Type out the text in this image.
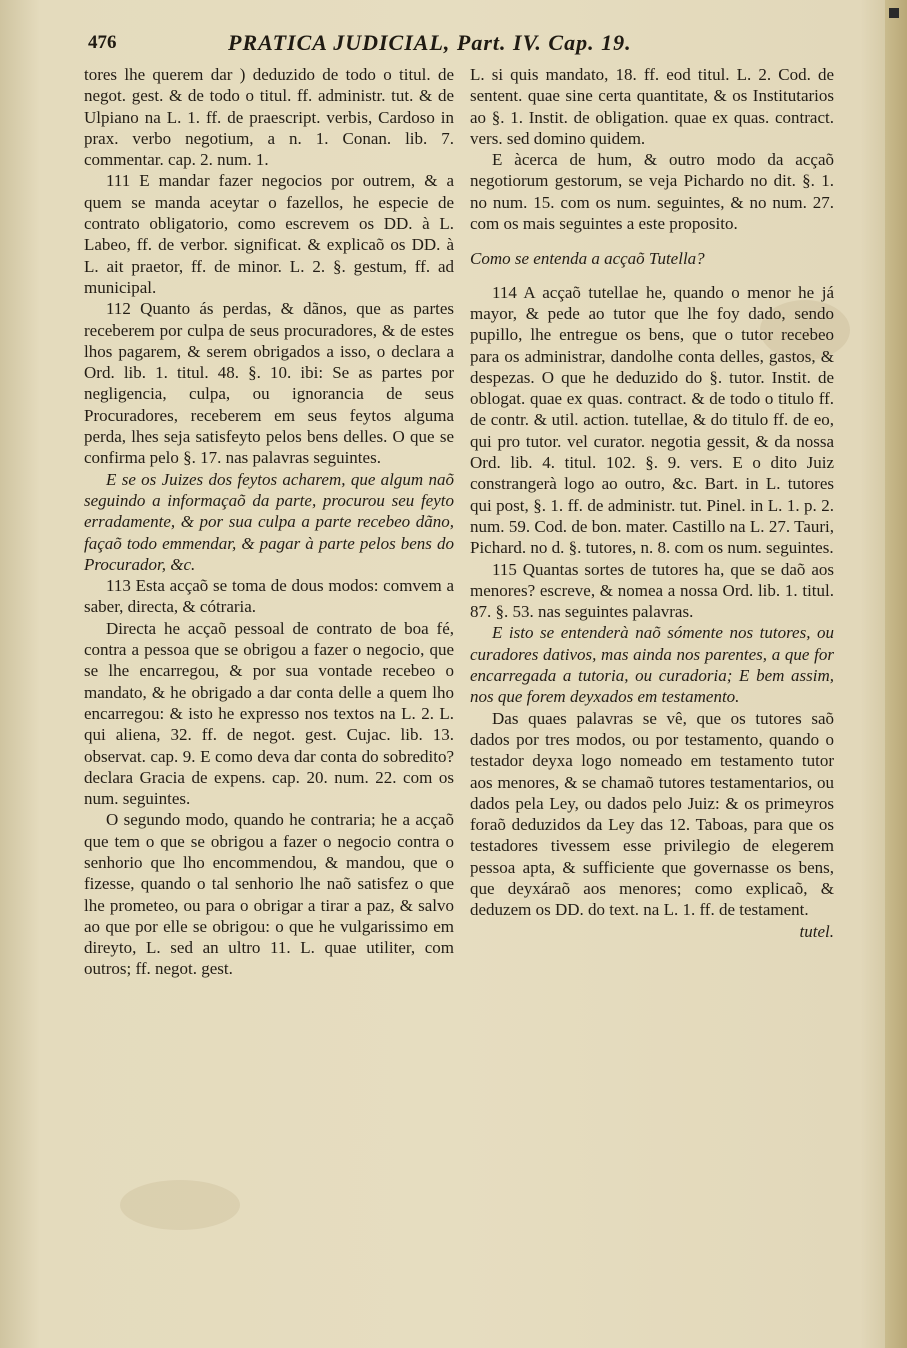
476	PRATICA JUDICIAL, Part. IV. Cap. 19.

tores lhe querem dar ) deduzido de todo o titul. de negot. gest. & de todo o titul. ff. administr. tut. & de Ulpiano na L. 1. ff. de praescript. verbis, Cardoso in prax. verbo negotium, a n. 1. Conan. lib. 7. commentar. cap. 2. num. 1.

111 E mandar fazer negocios por outrem, & a quem se manda aceytar o fazellos, he especie de contrato obligatorio, como escrevem os DD. à L. Labeo, ff. de verbor. significat. & explicaõ os DD. à L. ait praetor, ff. de minor. L. 2. §. gestum, ff. ad municipal.

112 Quanto ás perdas, & dãnos, que as partes receberem por culpa de seus procuradores, & de estes lhos pagarem, & serem obrigados a isso, o declara a Ord. lib. 1. titul. 48. §. 10. ibi: Se as partes por negligencia, culpa, ou ignorancia de seus Procuradores, receberem em seus feytos alguma perda, lhes seja satisfeyto pelos bens delles. O que se confirma pelo §. 17. nas palavras seguintes.

E se os Juizes dos feytos acharem, que algum naõ seguindo a informaçaõ da parte, procurou seu feyto erradamente, & por sua culpa a parte recebeo dãno, façaõ todo emmendar, & pagar à parte pelos bens do Procurador, &c.

113 Esta acçaõ se toma de dous modos: comvem a saber, directa, & cótraria.

Directa he acçaõ pessoal de contrato de boa fé, contra a pessoa que se obrigou a fazer o negocio, que se lhe encarregou, & por sua vontade recebeo o mandato, & he obrigado a dar conta delle a quem lho encarregou: & isto he expresso nos textos na L. 2. L. qui aliena, 32. ff. de negot. gest. Cujac. lib. 13. observat. cap. 9. E como deva dar conta do sobredito? declara Gracia de expens. cap. 20. num. 22. com os num. seguintes.

O segundo modo, quando he contraria; he a acçaõ que tem o que se obrigou a fazer o negocio contra o senhorio que lho encommendou, & mandou, que o fizesse, quando o tal senhorio lhe naõ satisfez o que lhe prometeo, ou para o obrigar a tirar a paz, & salvo ao que por elle se obrigou: o que he vulgarissimo em direyto, L. sed an ultro 11. L. quae utiliter, com outros; ff. negot. gest.

L. si quis mandato, 18. ff. eod titul. L. 2. Cod. de sentent. quae sine certa quantitate, & os Institutarios ao §. 1. Instit. de obligation. quae ex quas. contract. vers. sed domino quidem.

E àcerca de hum, & outro modo da acçaõ negotiorum gestorum, se veja Pichardo no dit. §. 1. no num. 15. com os num. seguintes, & no num. 27. com os mais seguintes a este proposito.

Como se entenda a acçaõ Tutella?

114 A acçaõ tutellae he, quando o menor he já mayor, & pede ao tutor que lhe foy dado, sendo pupillo, lhe entregue os bens, que o tutor recebeo para os administrar, dandolhe conta delles, gastos, & despezas. O que he deduzido do §. tutor. Instit. de oblogat. quae ex quas. contract. & de todo o titulo ff. de contr. & util. action. tutellae, & do titulo ff. de eo, qui pro tutor. vel curator. negotia gessit, & da nossa Ord. lib. 4. titul. 102. §. 9. vers. E o dito Juiz constrangerà logo ao outro, &c. Bart. in L. tutores qui post, §. 1. ff. de administr. tut. Pinel. in L. 1. p. 2. num. 59. Cod. de bon. mater. Castillo na L. 27. Tauri, Pichard. no d. §. tutores, n. 8. com os num. seguintes.

115 Quantas sortes de tutores ha, que se daõ aos menores? escreve, & nomea a nossa Ord. lib. 1. titul. 87. §. 53. nas seguintes palavras.

E isto se entenderà naõ sómente nos tutores, ou curadores dativos, mas ainda nos parentes, a que for encarregada a tutoria, ou curadoria; E bem assim, nos que forem deyxados em testamento.

Das quaes palavras se vê, que os tutores saõ dados por tres modos, ou por testamento, quando o testador deyxa logo nomeado em testamento tutor aos menores, & se chamaõ tutores testamentarios, ou dados pela Ley, ou dados pelo Juiz: & os primeyros foraõ deduzidos da Ley das 12. Taboas, para que os testadores tivessem esse privilegio de elegerem pessoa apta, & sufficiente que governasse os bens, que deyxáraõ aos menores; como explicaõ, & deduzem os DD. do text. na L. 1. ff. de testament.

tutel.
